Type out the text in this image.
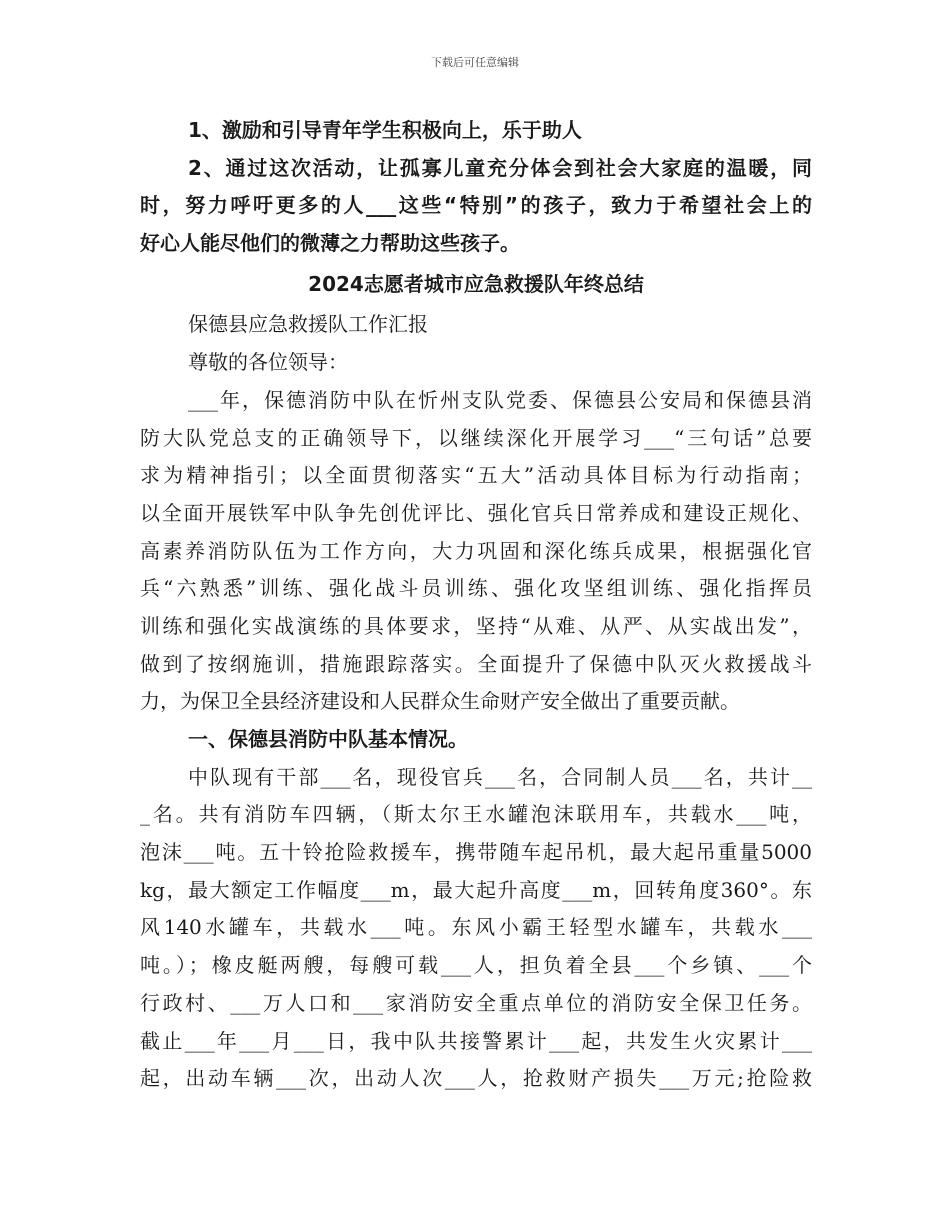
下载后可任意编辑
1、激励和引导青年学生积极向上，乐于助人
2、通过这次活动，让孤寡儿童充分体会到社会大家庭的温暖，同
时，努力呼吁更多的人___这些“特别”的孩子，致力于希望社会上的
好心人能尽他们的微薄之力帮助这些孩子。
2024志愿者城市应急救援队年终总结
保德县应急救援队工作汇报
尊敬的各位领导：
___年，保德消防中队在忻州支队党委、保德县公安局和保德县消
防大队党总支的正确领导下，以继续深化开展学习___“三句话”总要
求为精神指引；以全面贯彻落实“五大”活动具体目标为行动指南；
以全面开展铁军中队争先创优评比、强化官兵日常养成和建设正规化、
高素养消防队伍为工作方向，大力巩固和深化练兵成果，根据强化官
兵“六熟悉”训练、强化战斗员训练、强化攻坚组训练、强化指挥员
训练和强化实战演练的具体要求，坚持“从难、从严、从实战出发”，
做到了按纲施训，措施跟踪落实。全面提升了保德中队灭火救援战斗
力，为保卫全县经济建设和人民群众生命财产安全做出了重要贡献。
一、保德县消防中队基本情况。
中队现有干部___名，现役官兵___名，合同制人员___名，共计__
_名。共有消防车四辆，（斯太尔王水罐泡沫联用车，共载水___吨，
泡沫___吨。五十铃抢险救援车，携带随车起吊机，最大起吊重量5000
kg，最大额定工作幅度___m，最大起升高度___m，回转角度360°。东
风140水罐车，共载水___吨。东风小霸王轻型水罐车，共载水___
吨。）；橡皮艇两艘，每艘可载___人，担负着全县___个乡镇、___个
行政村、___万人口和___家消防安全重点单位的消防安全保卫任务。
截止___年___月___日，我中队共接警累计___起，共发生火灾累计___
起，出动车辆___次，出动人次___人，抢救财产损失___万元;抢险救
